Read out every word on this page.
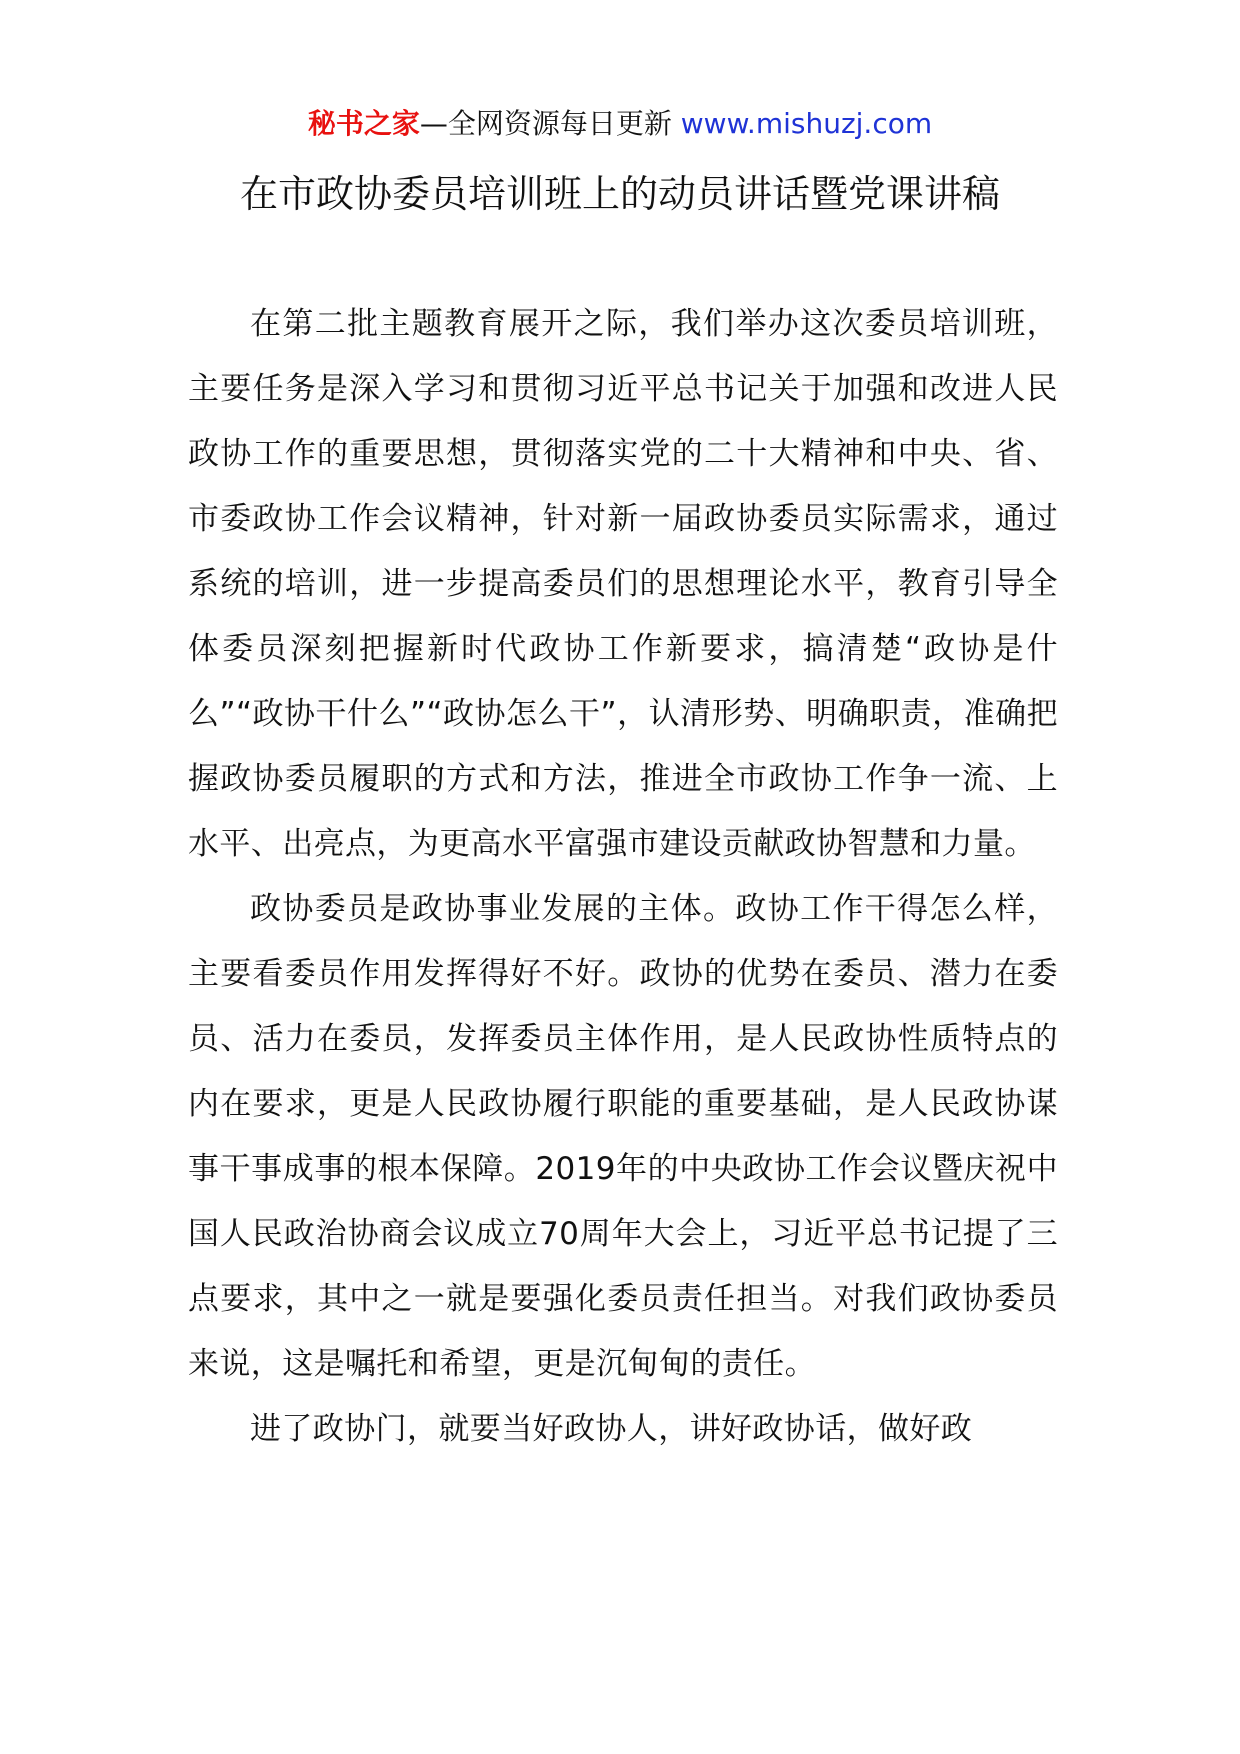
秘书之家—全网资源每日更新 www.mishuzj.com
在市政协委员培训班上的动员讲话暨党课讲稿

在第二批主题教育展开之际，我们举办这次委员培训班，主要任务是深入学习和贯彻习近平总书记关于加强和改进人民政协工作的重要思想，贯彻落实党的二十大精神和中央、省、市委政协工作会议精神，针对新一届政协委员实际需求，通过系统的培训，进一步提高委员们的思想理论水平，教育引导全体委员深刻把握新时代政协工作新要求，搞清楚“政协是什么”“政协干什么”“政协怎么干”，认清形势、明确职责，准确把握政协委员履职的方式和方法，推进全市政协工作争一流、上水平、出亮点，为更高水平富强市建设贡献政协智慧和力量。

政协委员是政协事业发展的主体。政协工作干得怎么样，主要看委员作用发挥得好不好。政协的优势在委员、潜力在委员、活力在委员，发挥委员主体作用，是人民政协性质特点的内在要求，更是人民政协履行职能的重要基础，是人民政协谋事干事成事的根本保障。2019年的中央政协工作会议暨庆祝中国人民政治协商会议成立70周年大会上，习近平总书记提了三点要求，其中之一就是要强化委员责任担当。对我们政协委员来说，这是嘱托和希望，更是沉甸甸的责任。

进了政协门，就要当好政协人，讲好政协话，做好政
